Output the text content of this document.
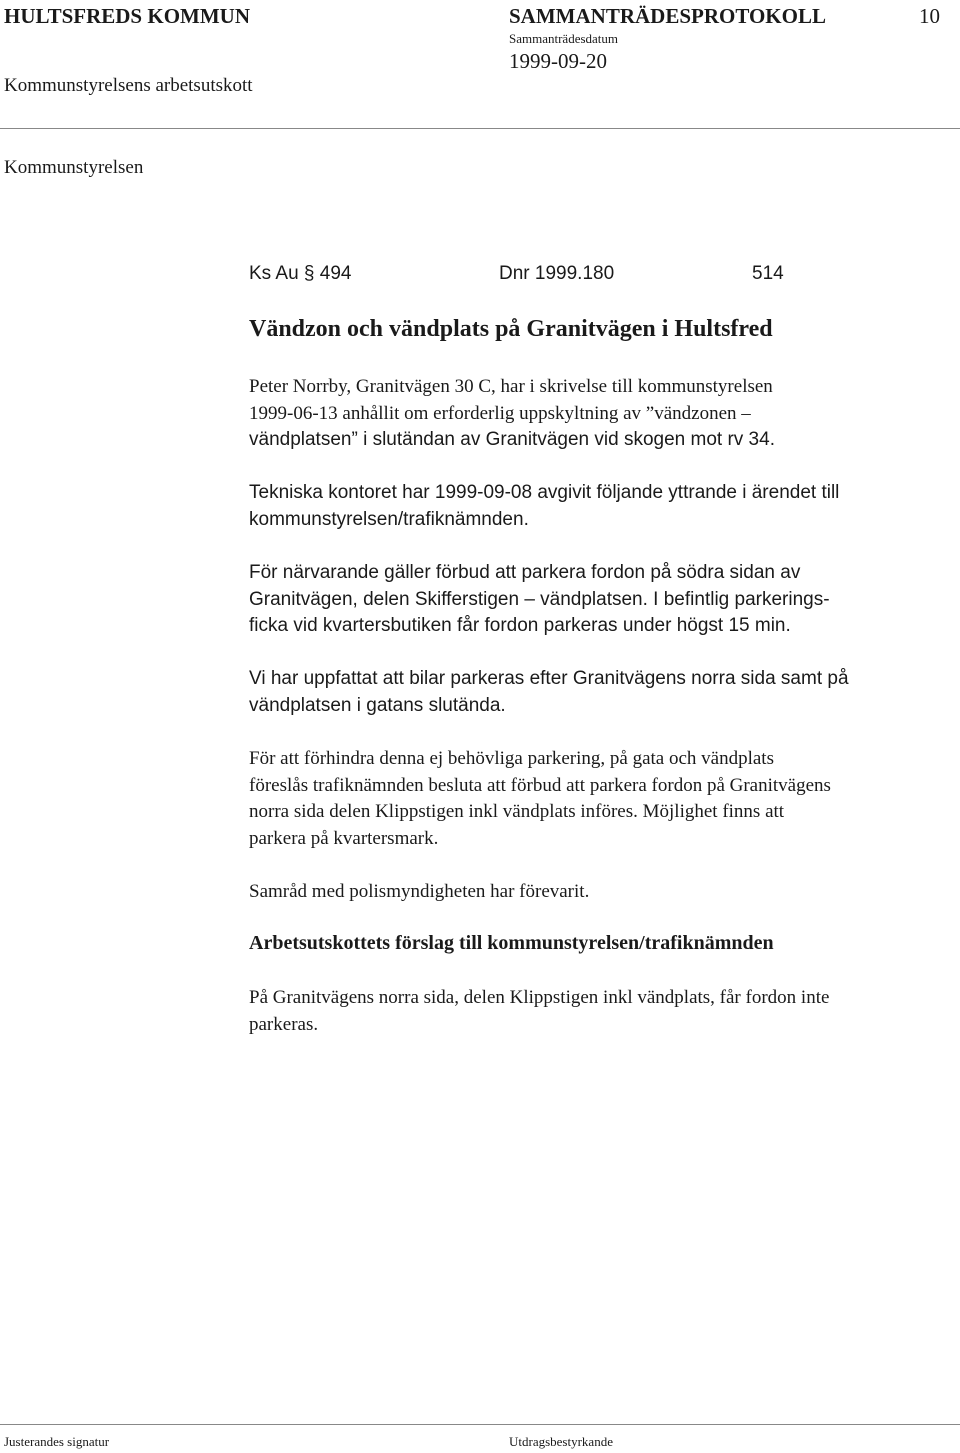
HULTSFREDS KOMMUN	SAMMANTRÄDESPROTOKOLL	10
Sammanträdesdatum
1999-09-20
Kommunstyrelsens arbetsutskott
Kommunstyrelsen
Ks Au § 494	Dnr 1999.180	514
Vändzon och vändplats på Granitvägen i Hultsfred
Peter Norrby, Granitvägen 30 C, har i skrivelse till kommunstyrelsen
1999-06-13 anhållit om erforderlig uppskyltning av ”vändzonen –
vändplatsen” i slutändan av Granitvägen vid skogen mot rv 34.
Tekniska kontoret har 1999-09-08 avgivit följande yttrande i ärendet till
kommunstyrelsen/trafiknämnden.
För närvarande gäller förbud att parkera fordon på södra sidan av
Granitvägen, delen Skifferstigen – vändplatsen. I befintlig parkerings-
ficka vid kvartersbutiken får fordon parkeras under högst 15 min.
Vi har uppfattat att bilar parkeras efter Granitvägens norra sida samt på
vändplatsen i gatans slutända.
För att förhindra denna ej behövliga parkering, på gata och vändplats
föreslås trafiknämnden besluta att förbud att parkera fordon på Granitvägens
norra sida delen Klippstigen inkl vändplats införes. Möjlighet finns att
parkera på kvartersmark.
Samråd med polismyndigheten har förevarit.
Arbetsutskottets förslag till kommunstyrelsen/trafiknämnden
På Granitvägens norra sida, delen Klippstigen inkl vändplats, får fordon inte
parkeras.
Justerandes signatur	Utdragsbestyrkande
